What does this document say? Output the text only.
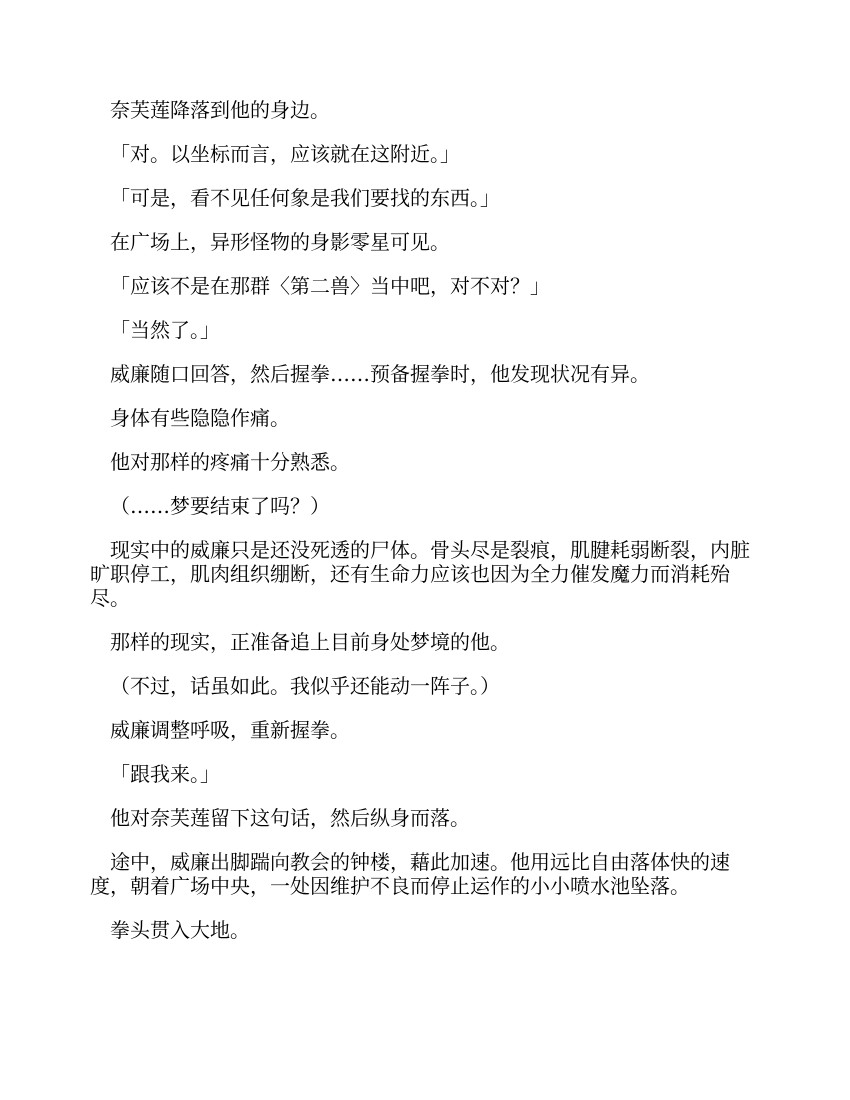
奈芙莲降落到他的身边。

「对。以坐标而言，应该就在这附近。」

「可是，看不见任何象是我们要找的东西。」

在广场上，异形怪物的身影零星可见。

「应该不是在那群〈第二兽〉当中吧，对不对？」

「当然了。」

威廉随口回答，然后握拳……预备握拳时，他发现状况有异。

身体有些隐隐作痛。

他对那样的疼痛十分熟悉。

（……梦要结束了吗？）

现实中的威廉只是还没死透的尸体。骨头尽是裂痕，肌腱耗弱断裂，内脏旷职停工，肌肉组织绷断，还有生命力应该也因为全力催发魔力而消耗殆尽。

那样的现实，正准备追上目前身处梦境的他。

（不过，话虽如此。我似乎还能动一阵子。）

威廉调整呼吸，重新握拳。

「跟我来。」

他对奈芙莲留下这句话，然后纵身而落。

途中，威廉出脚踹向教会的钟楼，藉此加速。他用远比自由落体快的速度，朝着广场中央，一处因维护不良而停止运作的小小喷水池坠落。

拳头贯入大地。
